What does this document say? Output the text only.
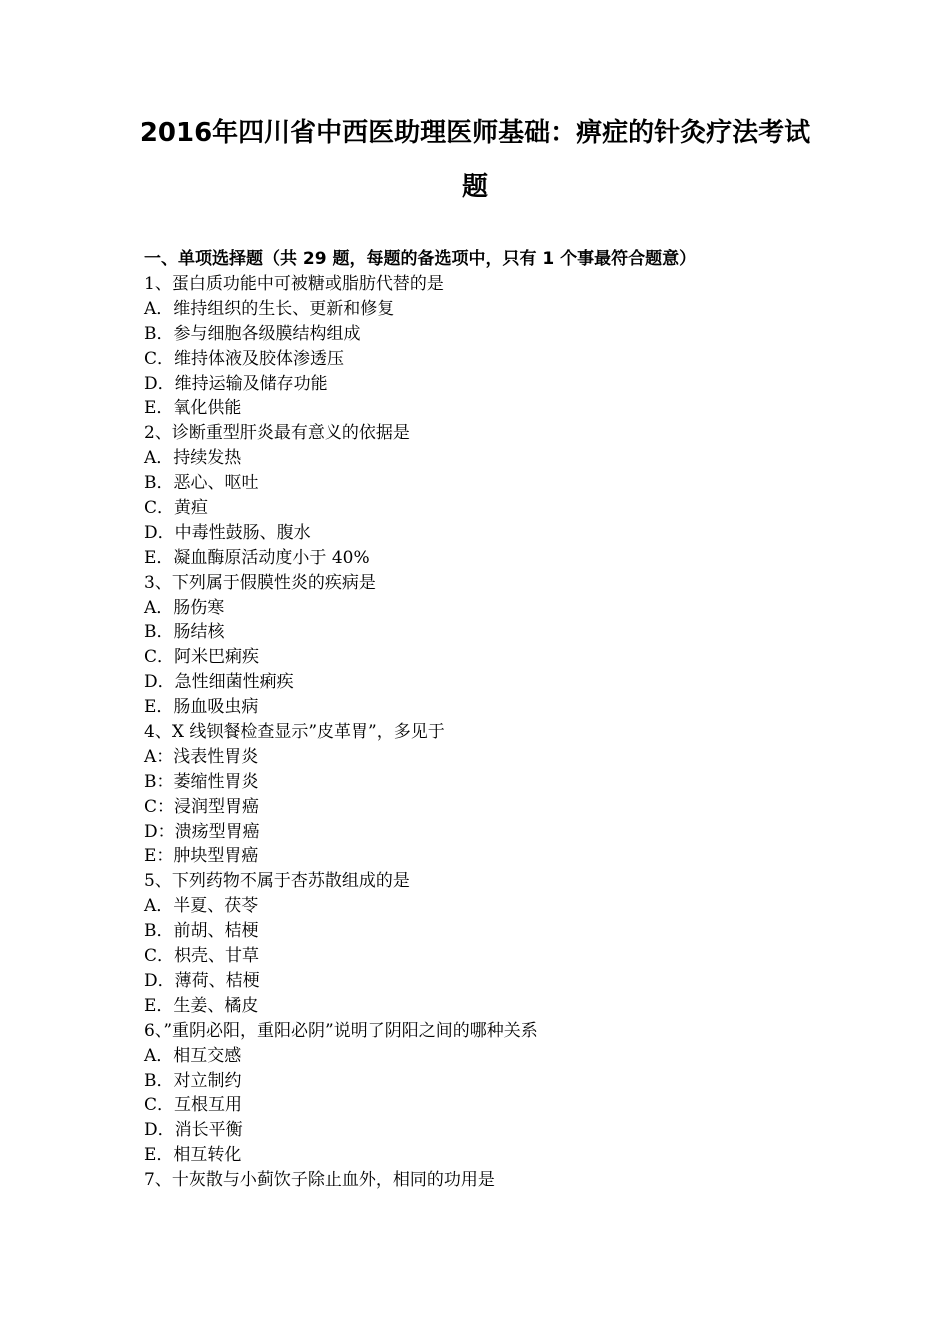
2016年四川省中西医助理医师基础：痹症的针灸疗法考试
题
一、单项选择题（共 29 题，每题的备选项中，只有 1 个事最符合题意）
1、蛋白质功能中可被糖或脂肪代替的是
A．维持组织的生长、更新和修复
B．参与细胞各级膜结构组成
C．维持体液及胶体渗透压
D．维持运输及储存功能
E．氧化供能
2、诊断重型肝炎最有意义的依据是
A．持续发热
B．恶心、呕吐
C．黄疸
D．中毒性鼓肠、腹水
E．凝血酶原活动度小于 40%
3、下列属于假膜性炎的疾病是
A．肠伤寒
B．肠结核
C．阿米巴痢疾
D．急性细菌性痢疾
E．肠血吸虫病
4、X 线钡餐检查显示”皮革胃”，多见于
A：浅表性胃炎
B：萎缩性胃炎
C：浸润型胃癌
D：溃疡型胃癌
E：肿块型胃癌
5、下列药物不属于杏苏散组成的是
A．半夏、茯苓
B．前胡、桔梗
C．枳壳、甘草
D．薄荷、桔梗
E．生姜、橘皮
6、”重阴必阳，重阳必阴”说明了阴阳之间的哪种关系
A．相互交感
B．对立制约
C．互根互用
D．消长平衡
E．相互转化
7、十灰散与小蓟饮子除止血外，相同的功用是
